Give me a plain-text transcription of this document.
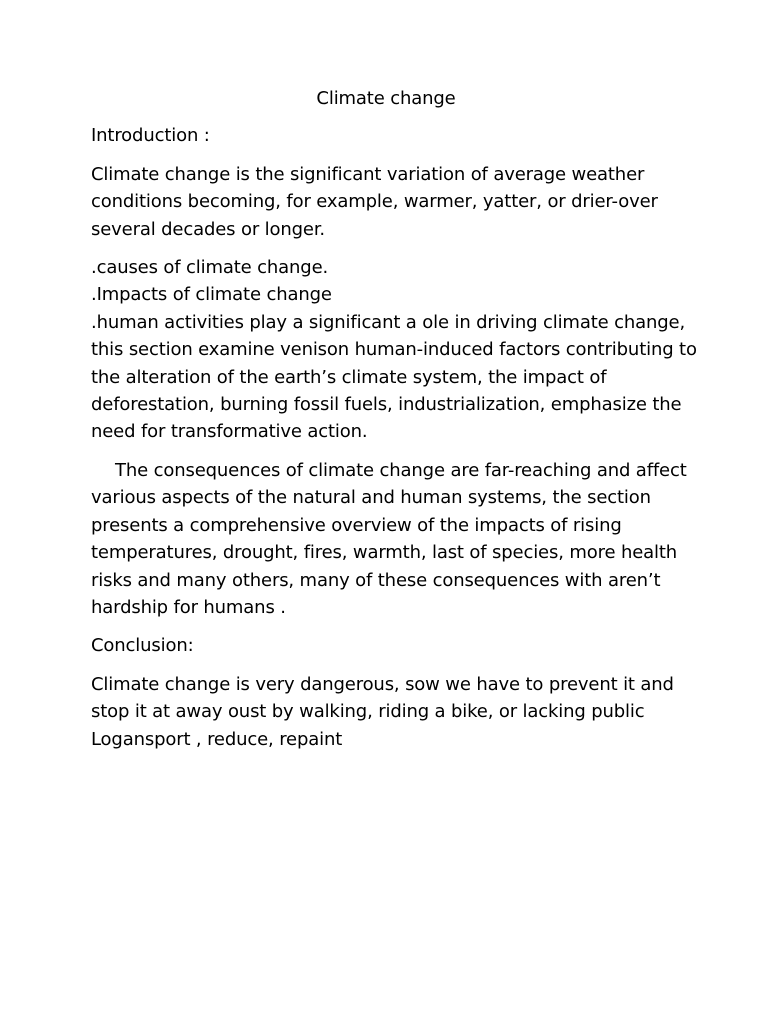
Climate change
Introduction :
Climate change is the significant variation of average weather
conditions becoming, for example, warmer, yatter, or drier-over
several decades or longer.
.causes of climate change.
.Impacts of climate change
.human activities play a significant a ole in driving climate change,
this section examine venison human-induced factors contributing to
the alteration of the earth’s climate system, the impact of
deforestation, burning fossil fuels, industrialization, emphasize the
need for transformative action.
The consequences of climate change are far-reaching and affect
various aspects of the natural and human systems, the section
presents a comprehensive overview of the impacts of rising
temperatures, drought, fires, warmth, last of species, more health
risks and many others, many of these consequences with aren’t
hardship for humans .
Conclusion:
Climate change is very dangerous, sow we have to prevent it and
stop it at away oust by walking, riding a bike, or lacking public
Logansport , reduce, repaint
